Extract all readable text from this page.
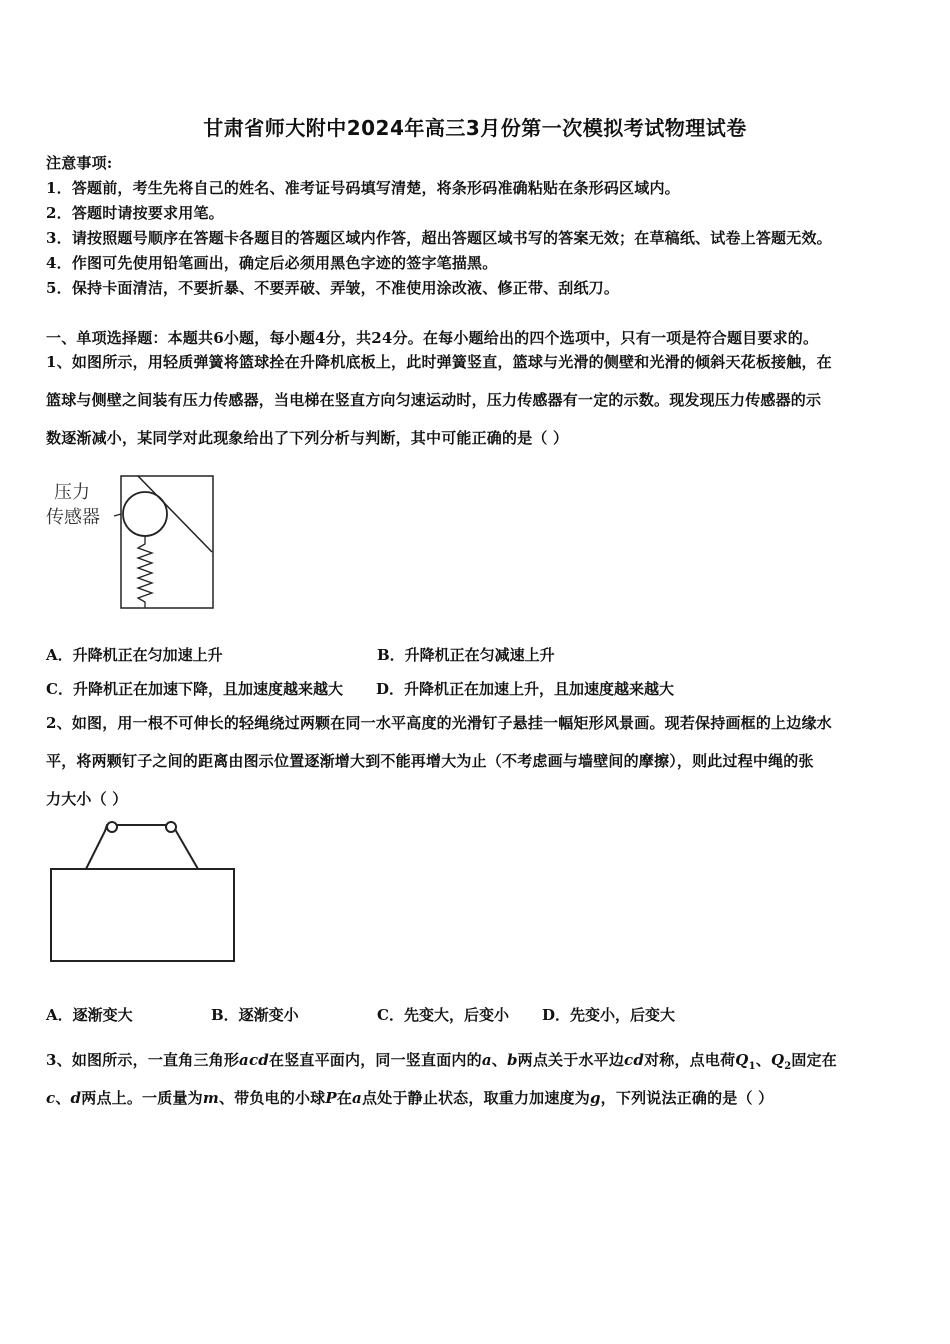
甘肃省师大附中2024年高三3月份第一次模拟考试物理试卷
注意事项:
1．答题前，考生先将自己的姓名、准考证号码填写清楚，将条形码准确粘贴在条形码区域内。
2．答题时请按要求用笔。
3．请按照题号顺序在答题卡各题目的答题区域内作答，超出答题区域书写的答案无效；在草稿纸、试卷上答题无效。
4．作图可先使用铅笔画出，确定后必须用黑色字迹的签字笔描黑。
5．保持卡面清洁，不要折暴、不要弄破、弄皱，不准使用涂改液、修正带、刮纸刀。
一、单项选择题：本题共6小题，每小题4分，共24分。在每小题给出的四个选项中，只有一项是符合题目要求的。
1、如图所示，用轻质弹簧将篮球拴在升降机底板上，此时弹簧竖直，篮球与光滑的侧壁和光滑的倾斜天花板接触，在
篮球与侧壁之间装有压力传感器，当电梯在竖直方向匀速运动时，压力传感器有一定的示数。现发现压力传感器的示
数逐渐减小，某同学对此现象给出了下列分析与判断，其中可能正确的是（ ）
压力
传感器
A．升降机正在匀加速上升	B．升降机正在匀减速上升
C．升降机正在加速下降，且加速度越来越大 D．升降机正在加速上升，且加速度越来越大
2、如图，用一根不可伸长的轻绳绕过两颗在同一水平高度的光滑钉子悬挂一幅矩形风景画。现若保持画框的上边缘水
平，将两颗钉子之间的距离由图示位置逐渐增大到不能再增大为止（不考虑画与墙壁间的摩擦），则此过程中绳的张
力大小（ ）
A．逐渐变大	B．逐渐变小	C．先变大，后变小 D．先变小，后变大
3、如图所示，一直角三角形acd在竖直平面内，同一竖直面内的a、b两点关于水平边cd对称，点电荷$Q_1$、$Q_2$固定在
c、d两点上。一质量为m、带负电的小球P在a点处于静止状态，取重力加速度为g，下列说法正确的是（ ）
